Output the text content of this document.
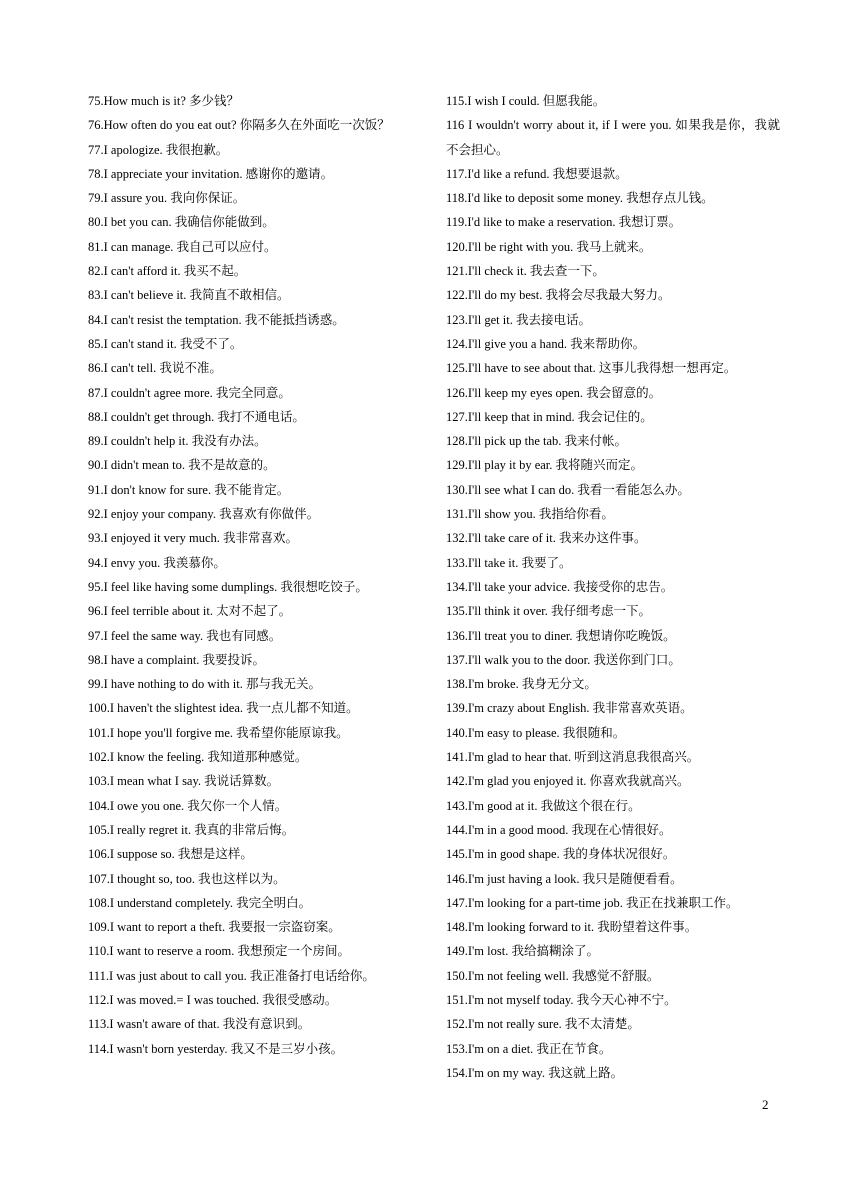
75.How much is it? 多少钱？

76.How often do you eat out? 你隔多久在外面吃一次饭？

77.I apologize. 我很抱歉。

78.I appreciate your invitation. 感谢你的邀请。

79.I assure you. 我向你保证。

80.I bet you can. 我确信你能做到。

81.I can manage. 我自己可以应付。

82.I can't afford it. 我买不起。

83.I can't believe it. 我简直不敢相信。

84.I can't resist the temptation. 我不能抵挡诱惑。

85.I can't stand it. 我受不了。

86.I can't tell. 我说不准。

87.I couldn't agree more. 我完全同意。

88.I couldn't get through. 我打不通电话。

89.I couldn't help it. 我没有办法。

90.I didn't mean to. 我不是故意的。

91.I don't know for sure. 我不能肯定。

92.I enjoy your company. 我喜欢有你做伴。

93.I enjoyed it very much. 我非常喜欢。

94.I envy you. 我羡慕你。

95.I feel like having some dumplings. 我很想吃饺子。

96.I feel terrible about it. 太对不起了。

97.I feel the same way. 我也有同感。

98.I have a complaint. 我要投诉。

99.I have nothing to do with it. 那与我无关。

100.I haven't the slightest idea. 我一点儿都不知道。

101.I hope you'll forgive me. 我希望你能原谅我。

102.I know the feeling. 我知道那种感觉。

103.I mean what I say. 我说话算数。

104.I owe you one. 我欠你一个人情。

105.I really regret it. 我真的非常后悔。

106.I suppose so. 我想是这样。

107.I thought so, too. 我也这样以为。

108.I understand completely. 我完全明白。

109.I want to report a theft. 我要报一宗盗窃案。

110.I want to reserve a room. 我想预定一个房间。

111.I was just about to call you. 我正准备打电话给你。

112.I was moved.= I was touched. 我很受感动。

113.I wasn't aware of that. 我没有意识到。

114.I wasn't born yesterday. 我又不是三岁小孩。

115.I wish I could. 但愿我能。

116 I wouldn't worry about it, if I were you. 如果我是你，我就不会担心。

117.I'd like a refund. 我想要退款。

118.I'd like to deposit some money. 我想存点儿钱。

119.I'd like to make a reservation. 我想订票。

120.I'll be right with you. 我马上就来。

121.I'll check it. 我去查一下。

122.I'll do my best. 我将会尽我最大努力。

123.I'll get it. 我去接电话。

124.I'll give you a hand. 我来帮助你。

125.I'll have to see about that. 这事儿我得想一想再定。

126.I'll keep my eyes open. 我会留意的。

127.I'll keep that in mind. 我会记住的。

128.I'll pick up the tab. 我来付帐。

129.I'll play it by ear. 我将随兴而定。

130.I'll see what I can do. 我看一看能怎么办。

131.I'll show you. 我指给你看。

132.I'll take care of it. 我来办这件事。

133.I'll take it. 我要了。

134.I'll take your advice. 我接受你的忠告。

135.I'll think it over. 我仔细考虑一下。

136.I'll treat you to diner. 我想请你吃晚饭。

137.I'll walk you to the door. 我送你到门口。

138.I'm broke. 我身无分文。

139.I'm crazy about English. 我非常喜欢英语。

140.I'm easy to please. 我很随和。

141.I'm glad to hear that. 听到这消息我很高兴。

142.I'm glad you enjoyed it. 你喜欢我就高兴。

143.I'm good at it. 我做这个很在行。

144.I'm in a good mood. 我现在心情很好。

145.I'm in good shape. 我的身体状况很好。

146.I'm just having a look. 我只是随便看看。

147.I'm looking for a part-time job. 我正在找兼职工作。

148.I'm looking forward to it. 我盼望着这件事。

149.I'm lost. 我给搞糊涂了。

150.I'm not feeling well. 我感觉不舒服。

151.I'm not myself today. 我今天心神不宁。

152.I'm not really sure. 我不太清楚。

153.I'm on a diet. 我正在节食。

154.I'm on my way. 我这就上路。

2
